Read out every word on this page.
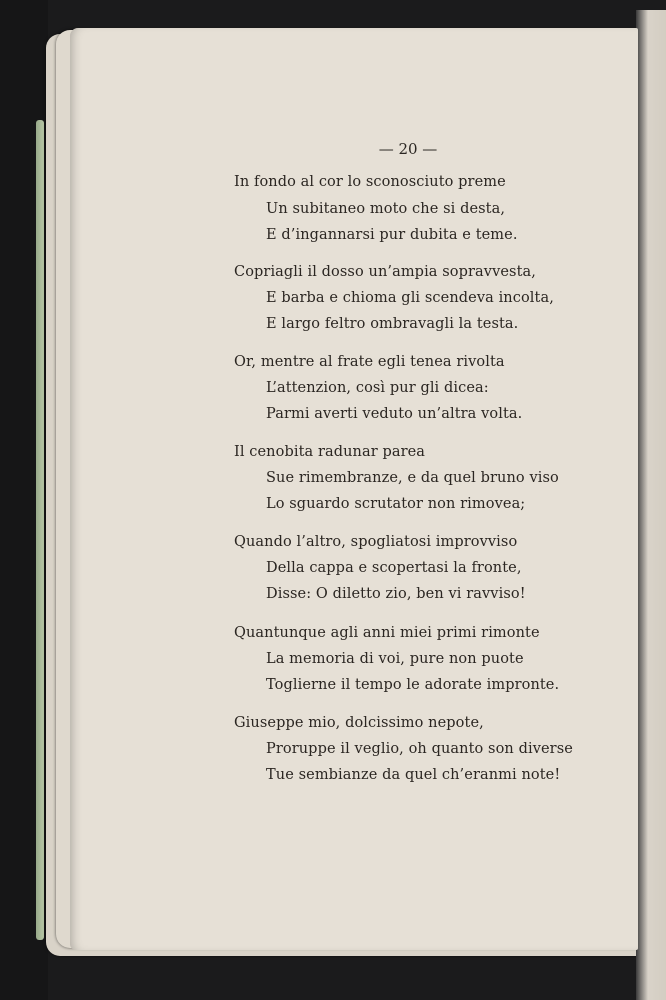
— 20 —
In fondo al cor lo sconosciuto preme
Un subitaneo moto che si desta,
E d’ingannarsi pur dubita e teme.
Copriagli il dosso un’ampia sopravvesta,
E barba e chioma gli scendeva incolta,
E largo feltro ombravagli la testa.
Or, mentre al frate egli tenea rivolta
L’attenzion, così pur gli dicea:
Parmi averti veduto un’altra volta.
Il cenobita radunar parea
Sue rimembranze, e da quel bruno viso
Lo sguardo scrutator non rimovea;
Quando l’altro, spogliatosi improvviso
Della cappa e scopertasi la fronte,
Disse: O diletto zio, ben vi ravviso!
Quantunque agli anni miei primi rimonte
La memoria di voi, pure non puote
Toglierne il tempo le adorate impronte.
Giuseppe mio, dolcissimo nepote,
Proruppe il veglio, oh quanto son diverse
Tue sembianze da quel ch’eranmi note!
